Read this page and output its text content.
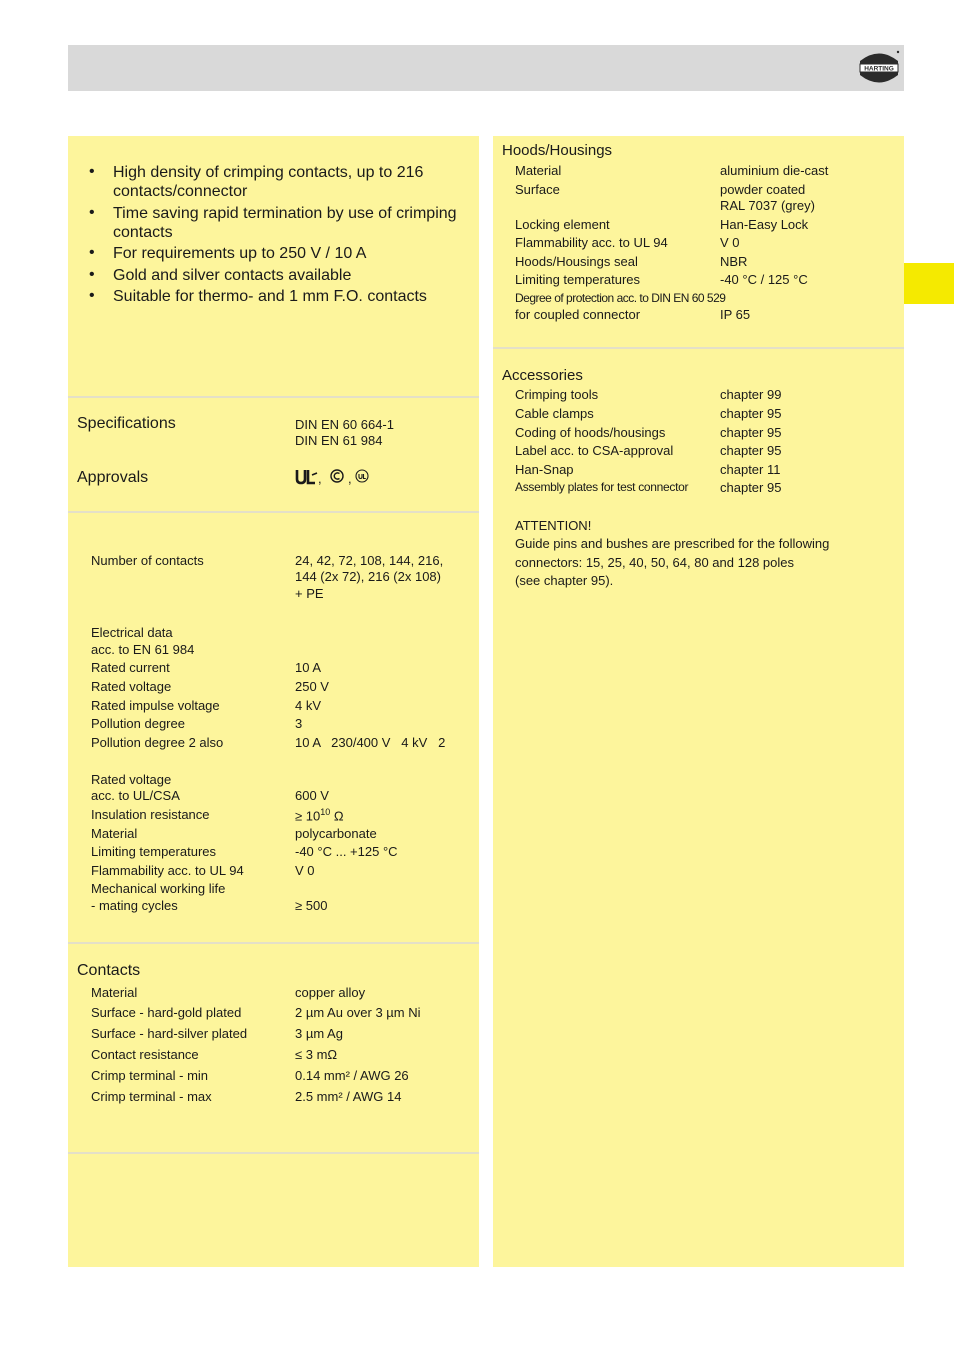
HARTING
• High density of crimping contacts, up to 216 contacts/connector
• Time saving rapid termination by use of crimping contacts
• For requirements up to 250 V / 10 A
• Gold and silver contacts available
• Suitable for thermo- and 1 mm F.O. contacts
Specifications	DIN EN 60 664-1
DIN EN 61 984
Approvals	, ,
Number of contacts	24, 42, 72, 108, 144, 216,
144 (2x 72), 216 (2x 108)
+ PE
Electrical data
acc. to EN 61 984
Rated current	10 A
Rated voltage	250 V
Rated impulse voltage	4 kV
Pollution degree	3
Pollution degree 2 also	10 A   230/400 V   4 kV   2
Rated voltage
acc. to UL/CSA	600 V
Insulation resistance	≥ $10^{10}$ Ω
Material	polycarbonate
Limiting temperatures	-40 °C ... +125 °C
Flammability acc. to UL 94	V 0
Mechanical working life
- mating cycles	≥ 500
Contacts
Material	copper alloy
Surface - hard-gold plated	2 µm Au over 3 µm Ni
Surface - hard-silver plated	3 µm Ag
Contact resistance	≤ 3 mΩ
Crimp terminal - min	0.14 mm² / AWG 26
Crimp terminal - max	2.5 mm² / AWG 14
Hoods/Housings
Material	aluminium die-cast
Surface	powder coated
RAL 7037 (grey)
Locking element	Han-Easy Lock
Flammability acc. to UL 94	V 0
Hoods/Housings seal	NBR
Limiting temperatures	-40 °C / 125 °C
Degree of protection acc. to DIN EN 60 529
for coupled connector	IP 65
Accessories
Crimping tools	chapter 99
Cable clamps	chapter 95
Coding of hoods/housings	chapter 95
Label acc. to CSA-approval	chapter 95
Han-Snap	chapter 11
Assembly plates for test connector chapter 95
ATTENTION!
Guide pins and bushes are prescribed for the following
connectors: 15, 25, 40, 50, 64, 80 and 128 poles
(see chapter 95).
